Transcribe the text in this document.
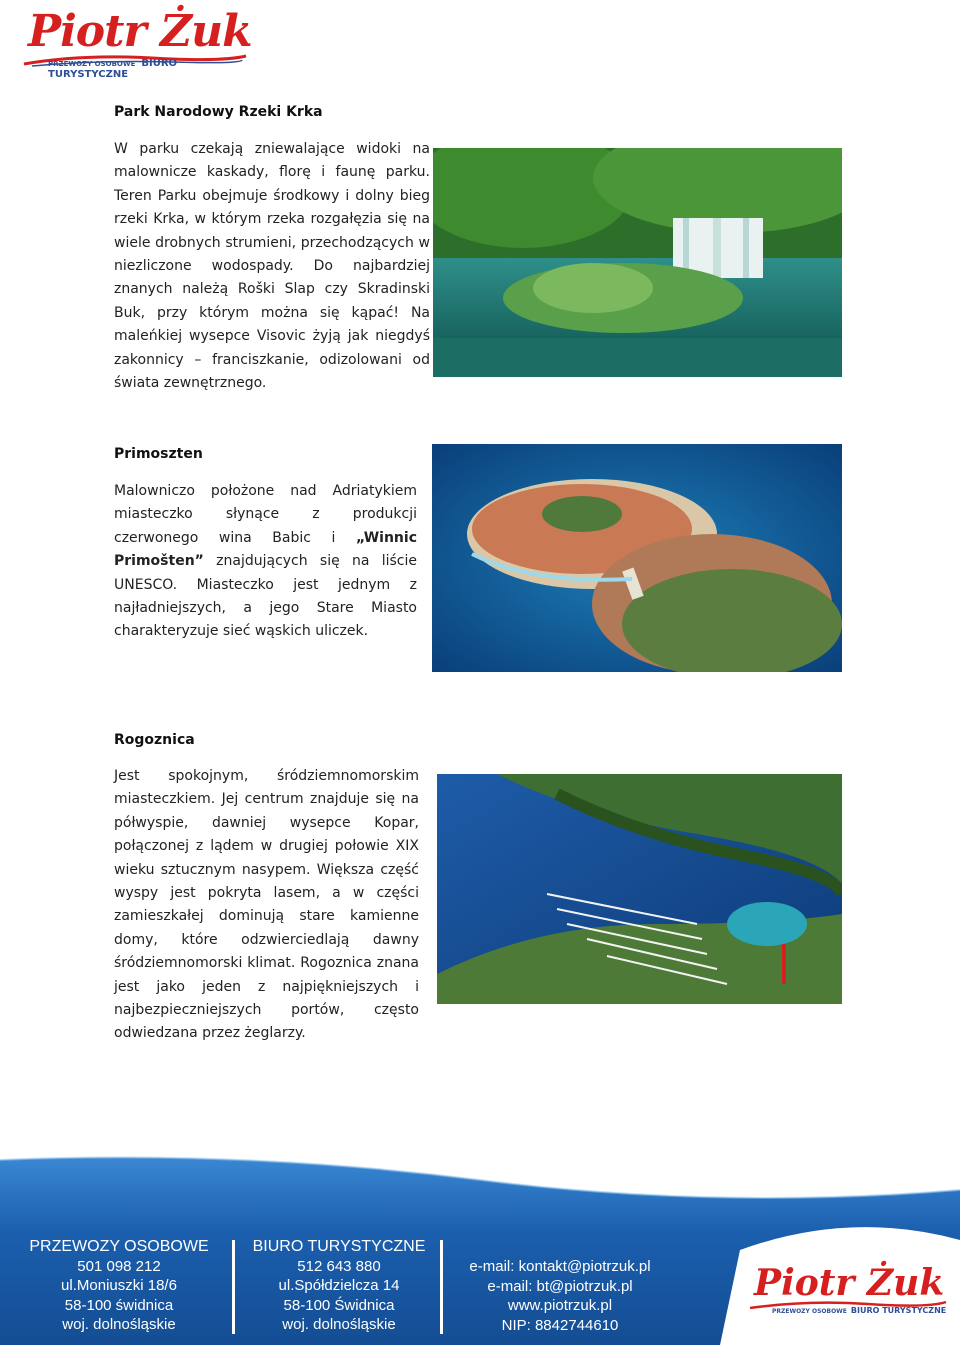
Piotr Żuk
PRZEWOZY OSOBOWE BIURO TURYSTYCZNE
Park Narodowy Rzeki Krka
W parku czekają zniewalające widoki na malownicze kaskady, florę i faunę parku. Teren Parku obejmuje środkowy i dolny bieg rzeki Krka, w którym rzeka rozgałęzia się na wiele drobnych strumieni, przechodzących w niezliczone wodospady. Do najbardziej znanych należą Roški Slap czy Skradinski Buk, przy którym można się kąpać! Na maleńkiej wysepce Visovic żyją jak niegdyś zakonnicy – franciszkanie, odizolowani od świata zewnętrznego.
Primoszten
Malowniczo położone nad Adriatykiem miasteczko słynące z produkcji czerwonego wina Babic i „Winnic Primošten” znajdujących się na liście UNESCO. Miasteczko jest jednym z najładniejszych, a jego Stare Miasto charakteryzuje sieć wąskich uliczek.
Rogoznica
Jest spokojnym, śródziemnomorskim miasteczkiem. Jej centrum znajduje się na półwyspie, dawniej wysepce Kopar, połączonej z lądem w drugiej połowie XIX wieku sztucznym nasypem. Większa część wyspy jest pokryta lasem, a w części zamieszkałej dominują stare kamienne domy, które odzwierciedlają dawny śródziemnomorski klimat. Rogoznica znana jest jako jeden z najpiękniejszych i najbezpieczniejszych portów, często odwiedzana przez żeglarzy.
PRZEWOZY OSOBOWE
501 098 212
ul.Moniuszki 18/6
58-100 świdnica
woj. dolnośląskie
BIURO TURYSTYCZNE
512 643 880
ul.Spółdzielcza 14
58-100 Świdnica
woj. dolnośląskie
e-mail: kontakt@piotrzuk.pl
e-mail: bt@piotrzuk.pl
www.piotrzuk.pl
NIP: 8842744610
Piotr Żuk
PRZEWOZY OSOBOWE BIURO TURYSTYCZNE
